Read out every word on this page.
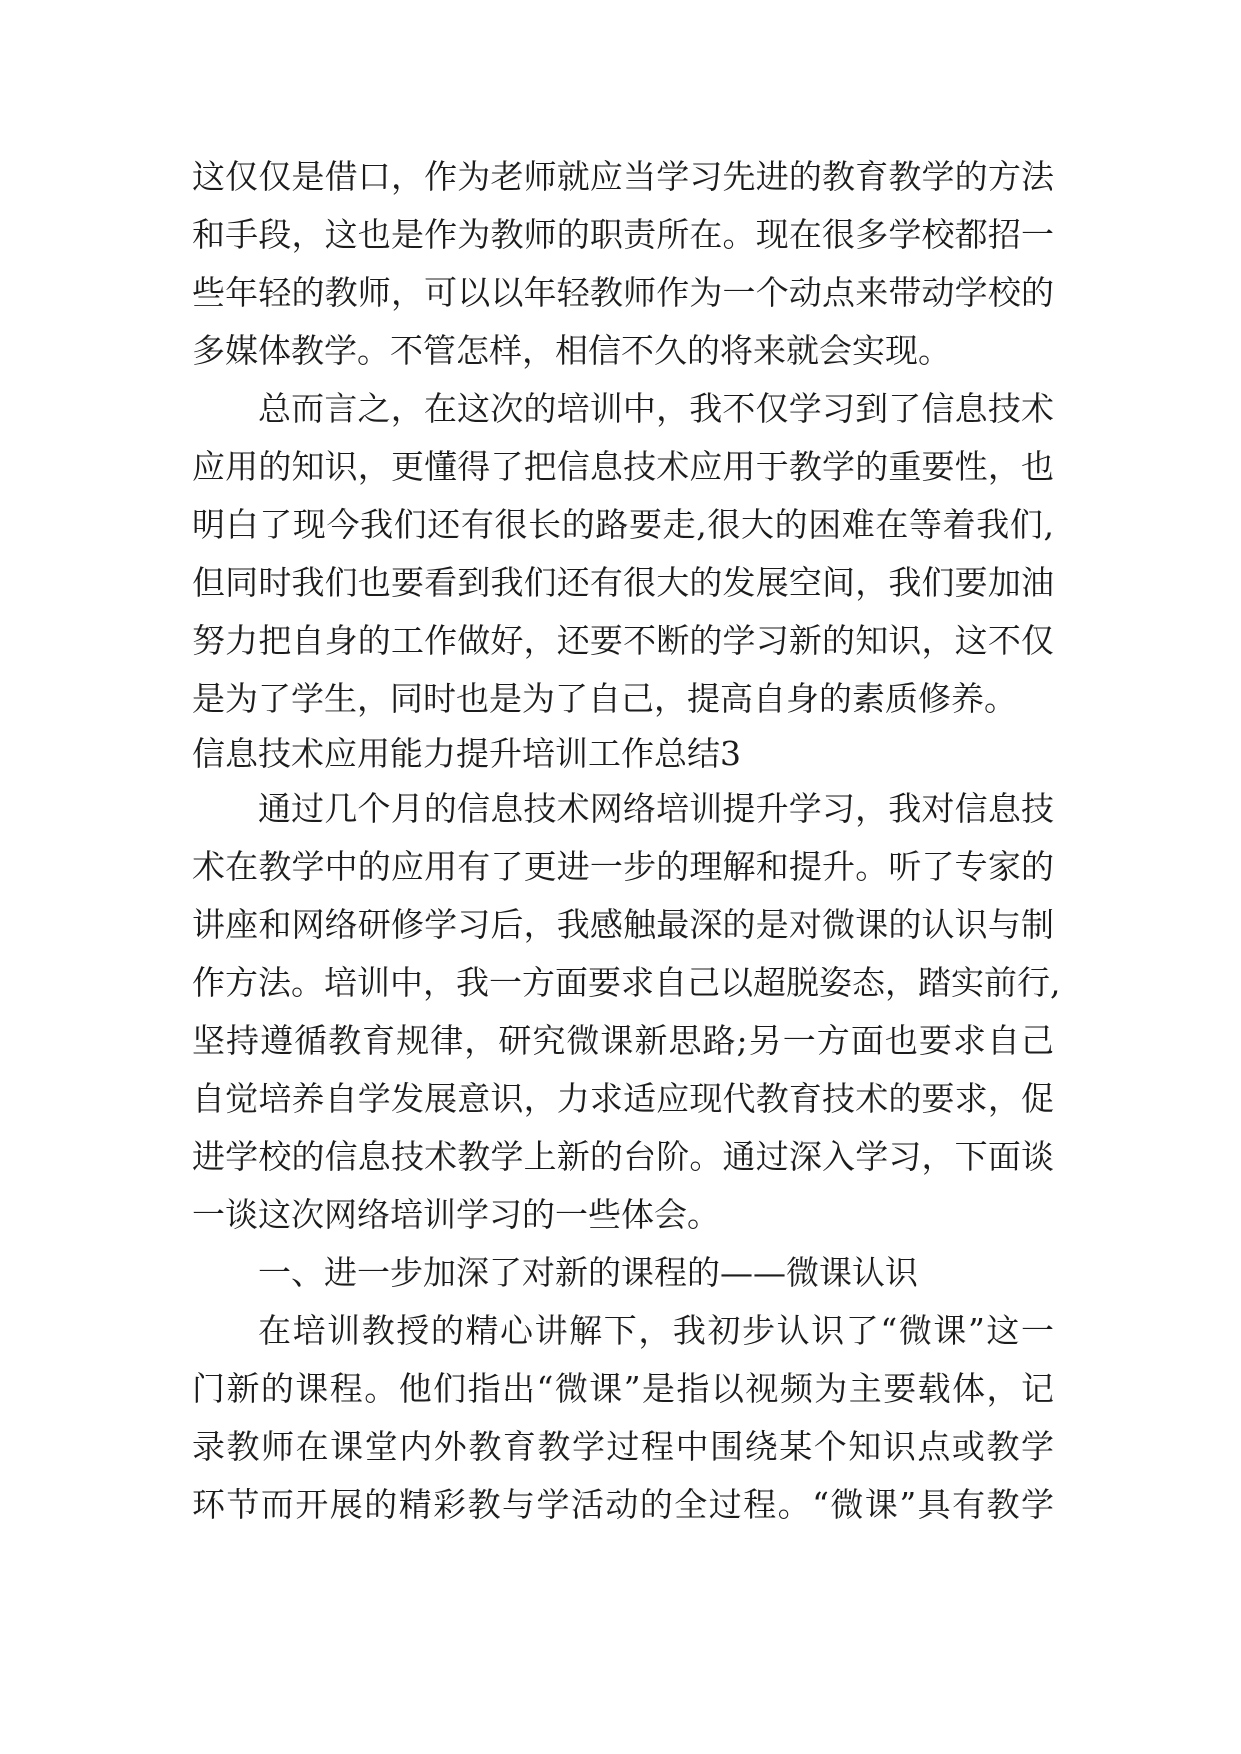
这仅仅是借口，作为老师就应当学习先进的教育教学的方法
和手段，这也是作为教师的职责所在。现在很多学校都招一
些年轻的教师，可以以年轻教师作为一个动点来带动学校的
多媒体教学。不管怎样，相信不久的将来就会实现。
总而言之，在这次的培训中，我不仅学习到了信息技术
应用的知识，更懂得了把信息技术应用于教学的重要性，也
明白了现今我们还有很长的路要走,很大的困难在等着我们,
但同时我们也要看到我们还有很大的发展空间，我们要加油
努力把自身的工作做好，还要不断的学习新的知识，这不仅
是为了学生，同时也是为了自己，提高自身的素质修养。
信息技术应用能力提升培训工作总结3
通过几个月的信息技术网络培训提升学习，我对信息技
术在教学中的应用有了更进一步的理解和提升。听了专家的
讲座和网络研修学习后，我感触最深的是对微课的认识与制
作方法。培训中，我一方面要求自己以超脱姿态，踏实前行,
坚持遵循教育规律，研究微课新思路;另一方面也要求自己
自觉培养自学发展意识，力求适应现代教育技术的要求，促
进学校的信息技术教学上新的台阶。通过深入学习，下面谈
一谈这次网络培训学习的一些体会。
一、进一步加深了对新的课程的——微课认识
在培训教授的精心讲解下，我初步认识了“微课”这一
门新的课程。他们指出“微课”是指以视频为主要载体，记
录教师在课堂内外教育教学过程中围绕某个知识点或教学
环节而开展的精彩教与学活动的全过程。“微课”具有教学
